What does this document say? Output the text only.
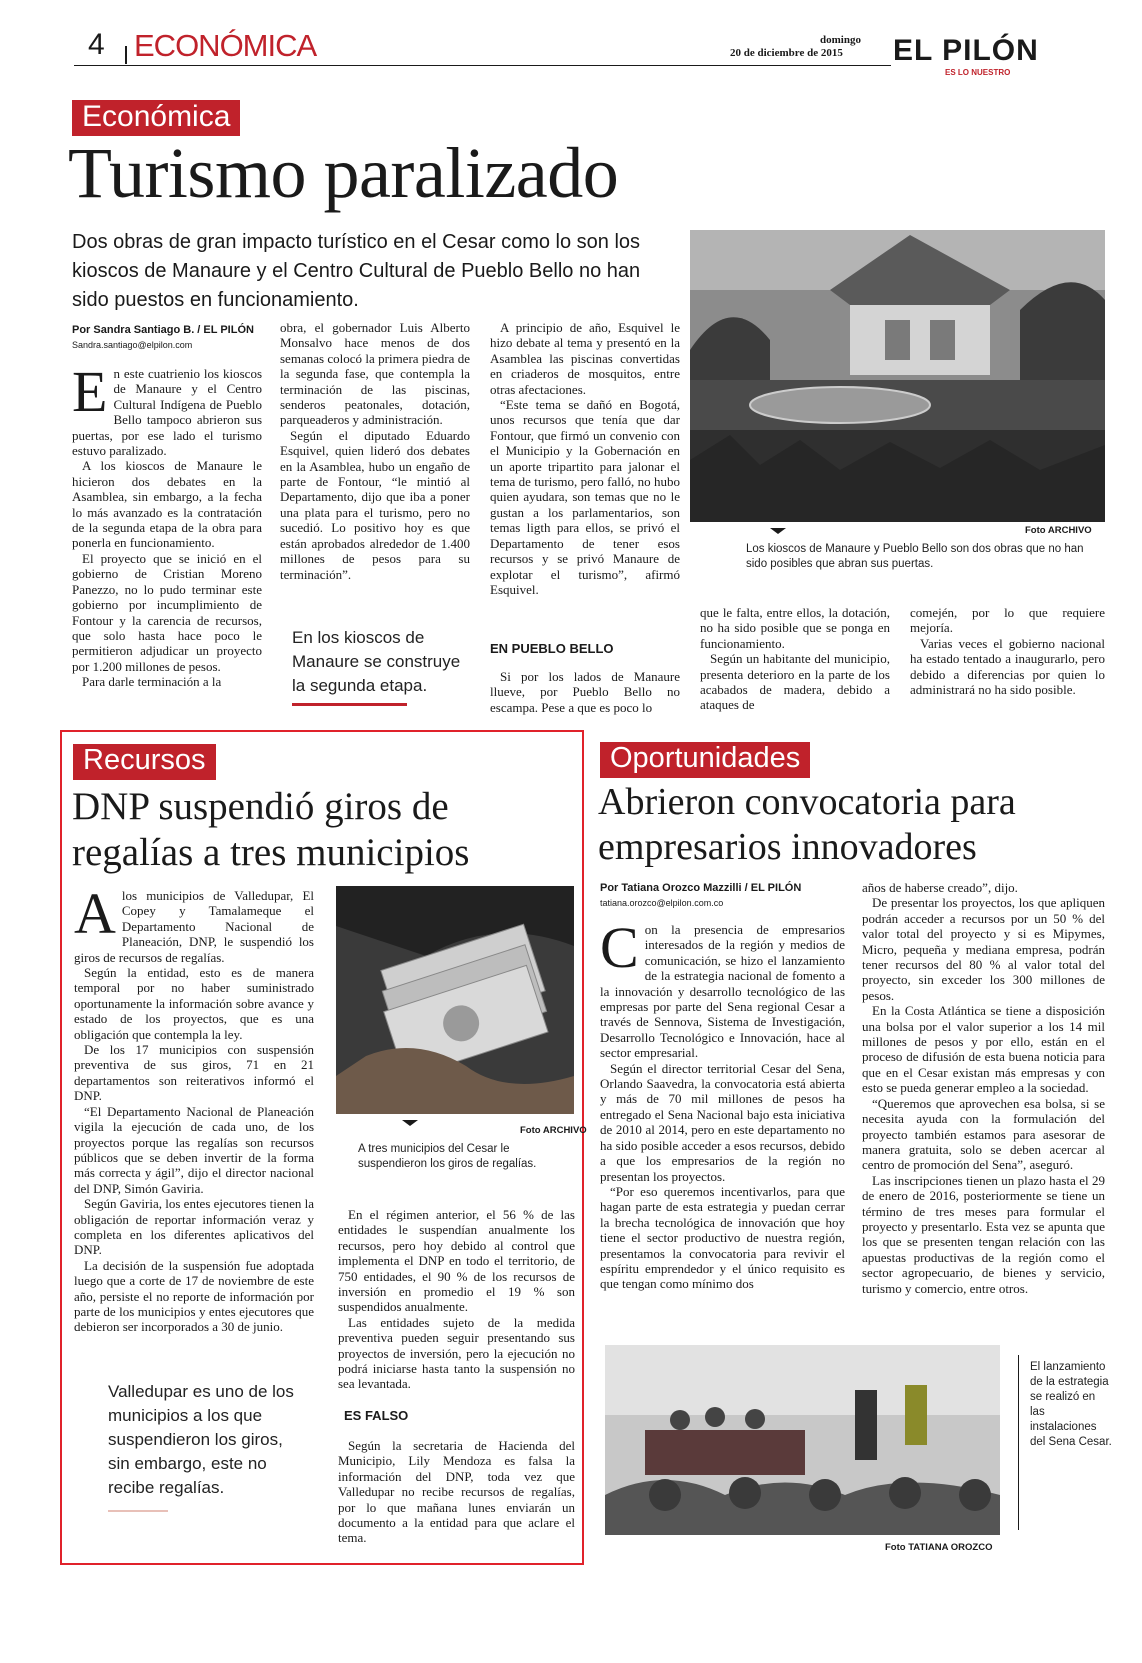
4 ECONÓMICA	domingo
20 de diciembre de 2015 EL PILÓN
ES LO NUESTRO
Económica
Turismo paralizado
Dos obras de gran impacto turístico en el Cesar como lo son los kioscos de Manaure y el Centro Cultural de Pueblo Bello no han sido puestos en funcionamiento.
Por Sandra Santiago B. / EL PILÓN
Sandra.santiago@elpilon.com
E n este cuatrienio los kioscos de Manaure y el Centro Cultural Indígena de Pueblo Bello tampoco abrieron sus puertas, por ese lado el turismo estuvo paralizado.

A los kioscos de Manaure le hicieron dos debates en la Asamblea, sin embargo, a la fecha lo más avanzado es la contratación de la segunda etapa de la obra para ponerla en funcionamiento.

El proyecto que se inició en el gobierno de Cristian Moreno Panezzo, no lo pudo terminar este gobierno por incumplimiento de Fontour y la carencia de recursos, que solo hasta hace poco le permitieron adjudicar un proyecto por 1.200 millones de pesos.

Para darle terminación a la

obra, el gobernador Luis Alberto Monsalvo hace menos de dos semanas colocó la primera piedra de la segunda fase, que contempla la terminación de las piscinas, senderos peatonales, dotación, parqueaderos y administración.

Según el diputado Eduardo Esquivel, quien lideró dos debates en la Asamblea, hubo un engaño de parte de Fontour, “le mintió al Departamento, dijo que iba a poner una plata para el turismo, pero no sucedió. Lo positivo hoy es que están aprobados alrededor de 1.400 millones de pesos para su terminación”.

En los kioscos de Manaure se construye la segunda etapa.

A principio de año, Esquivel le hizo debate al tema y presentó en la Asamblea las piscinas convertidas en criaderos de mosquitos, entre otras afectaciones.

“Este tema se dañó en Bogotá, unos recursos que tenía que dar Fontour, que firmó un convenio con el Municipio y la Gobernación en un aporte tripartito para jalonar el tema de turismo, pero falló, no hubo quien ayudara, son temas que no le gustan a los parlamentarios, son temas ligth para ellos, se privó el Departamento de tener esos recursos y se privó Manaure de explotar el turismo”, afirmó Esquivel.

EN PUEBLO BELLO

Si por los lados de Manaure llueve, por Pueblo Bello no escampa. Pese a que es poco lo

Foto ARCHIVO
Los kioscos de Manaure y Pueblo Bello son dos obras que no han sido posibles que abran sus puertas.

que le falta, entre ellos, la dotación, no ha sido posible que se ponga en funcionamiento.

Según un habitante del municipio, presenta deterioro en la parte de los acabados de madera, debido a ataques de

comején, por lo que requiere mejoría.

Varias veces el gobierno nacional ha estado tentado a inaugurarlo, pero debido a diferencias por quien lo administrará no ha sido posible.

Recursos
DNP suspendió giros de regalías a tres municipios
A los municipios de Valledupar, El Copey y Tamalameque el Departamento Nacional de Planeación, DNP, le suspendió los giros de recursos de regalías.

Según la entidad, esto es de manera temporal por no haber suministrado oportunamente la información sobre avance y estado de los proyectos, que es una obligación que contempla la ley.

De los 17 municipios con suspensión preventiva de sus giros, 71 en 21 departamentos son reiterativos informó el DNP.

“El Departamento Nacional de Planeación vigila la ejecución de cada uno, de los proyectos porque las regalías son recursos públicos que se deben invertir de la forma más correcta y ágil”, dijo el director nacional del DNP, Simón Gaviria.

Según Gaviria, los entes ejecutores tienen la obligación de reportar información veraz y completa en los diferentes aplicativos del DNP.

La decisión de la suspensión fue adoptada luego que a corte de 17 de noviembre de este año, persiste el no reporte de información por parte de los municipios y entes ejecutores que debieron ser incorporados a 30 de junio.

Valledupar es uno de los municipios a los que suspendieron los giros, sin embargo, este no recibe regalías.
Foto ARCHIVO
A tres municipios del Cesar le suspendieron los giros de regalías.

En el régimen anterior, el 56 % de las entidades le suspendían anualmente los recursos, pero hoy debido al control que implementa el DNP en todo el territorio, de 750 entidades, el 90 % de los recursos de inversión en promedio el 19 % son suspendidos anualmente.

Las entidades sujeto de la medida preventiva pueden seguir presentando sus proyectos de inversión, pero la ejecución no podrá iniciarse hasta tanto la suspensión no sea levantada.

ES FALSO

Según la secretaria de Hacienda del Municipio, Lily Mendoza es falsa la información del DNP, toda vez que Valledupar no recibe recursos de regalías, por lo que mañana lunes enviarán un documento a la entidad para que aclare el tema.

Oportunidades
Abrieron convocatoria para empresarios innovadores
Por Tatiana Orozco Mazzilli / EL PILÓN
tatiana.orozco@elpilon.com.co
C on la presencia de empresarios interesados de la región y medios de comunicación, se hizo el lanzamiento de la estrategia nacional de fomento a la innovación y desarrollo tecnológico de las empresas por parte del Sena regional Cesar a través de Sennova, Sistema de Investigación, Desarrollo Tecnológico e Innovación, hace al sector empresarial.

Según el director territorial Cesar del Sena, Orlando Saavedra, la convocatoria está abierta y más de 70 mil millones de pesos ha entregado el Sena Nacional bajo esta iniciativa de 2010 al 2014, pero en este departamento no ha sido posible acceder a esos recursos, debido a que los empresarios de la región no presentan los proyectos.

“Por eso queremos incentivarlos, para que hagan parte de esta estrategia y puedan cerrar la brecha tecnológica de innovación que hoy tiene el sector productivo de nuestra región, presentamos la convocatoria para revivir el espíritu emprendedor y el único requisito es que tengan como mínimo dos

años de haberse creado”, dijo.

De presentar los proyectos, los que apliquen podrán acceder a recursos por un 50 % del valor total del proyecto y si es Mipymes, Micro, pequeña y mediana empresa, podrán tener recursos del 80 % al valor total del proyecto, sin exceder los 300 millones de pesos.

En la Costa Atlántica se tiene a disposición una bolsa por el valor superior a los 14 mil millones de pesos y por ello, están en el proceso de difusión de esta buena noticia para que en el Cesar existan más empresas y con esto se pueda generar empleo a la sociedad.

“Queremos que aprovechen esa bolsa, si se necesita ayuda con la formulación del proyecto también estamos para asesorar de manera gratuita, solo se deben acercar al centro de promoción del Sena”, aseguró.

Las inscripciones tienen un plazo hasta el 29 de enero de 2016, posteriormente se tiene un término de tres meses para formular el proyecto y presentarlo. Esta vez se apunta que los que se presenten tengan relación con las apuestas productivas de la región como el sector agropecuario, de bienes y servicio, turismo y comercio, entre otros.

El lanzamiento de la estrategia se realizó en las instalaciones del Sena Cesar.
Foto TATIANA OROZCO
